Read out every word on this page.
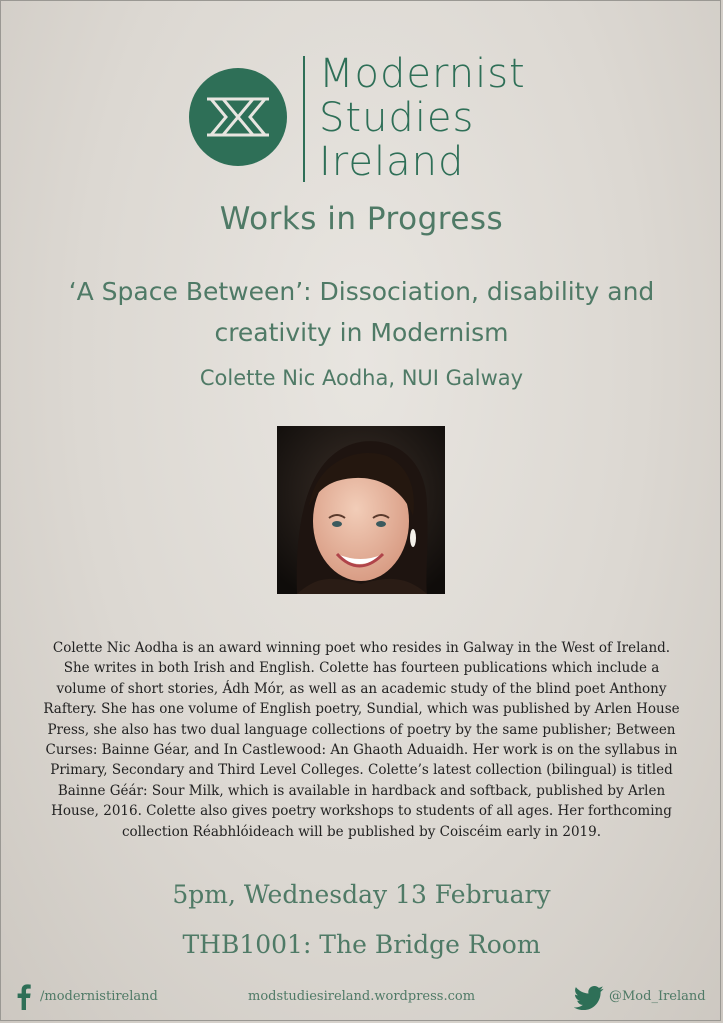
Modernist
Studies
Ireland
Works in Progress
‘A Space Between’: Dissociation, disability and
creativity in Modernism
Colette Nic Aodha, NUI Galway
Colette Nic Aodha is an award winning poet who resides in Galway in the West of Ireland.
She writes in both Irish and English. Colette has fourteen publications which include a
volume of short stories, Ádh Mór, as well as an academic study of the blind poet Anthony
Raftery. She has one volume of English poetry, Sundial, which was published by Arlen House
Press, she also has two dual language collections of poetry by the same publisher; Between
Curses: Bainne Géar, and In Castlewood: An Ghaoth Aduaidh. Her work is on the syllabus in
Primary, Secondary and Third Level Colleges. Colette’s latest collection (bilingual) is titled
Bainne Géár: Sour Milk, which is available in hardback and softback, published by Arlen
House, 2016. Colette also gives poetry workshops to students of all ages. Her forthcoming
collection Réabhlóideach will be published by Coiscéim early in 2019.
5pm, Wednesday 13 February
THB1001: The Bridge Room
/modernistireland	modstudiesireland.wordpress.com	@Mod_Ireland
